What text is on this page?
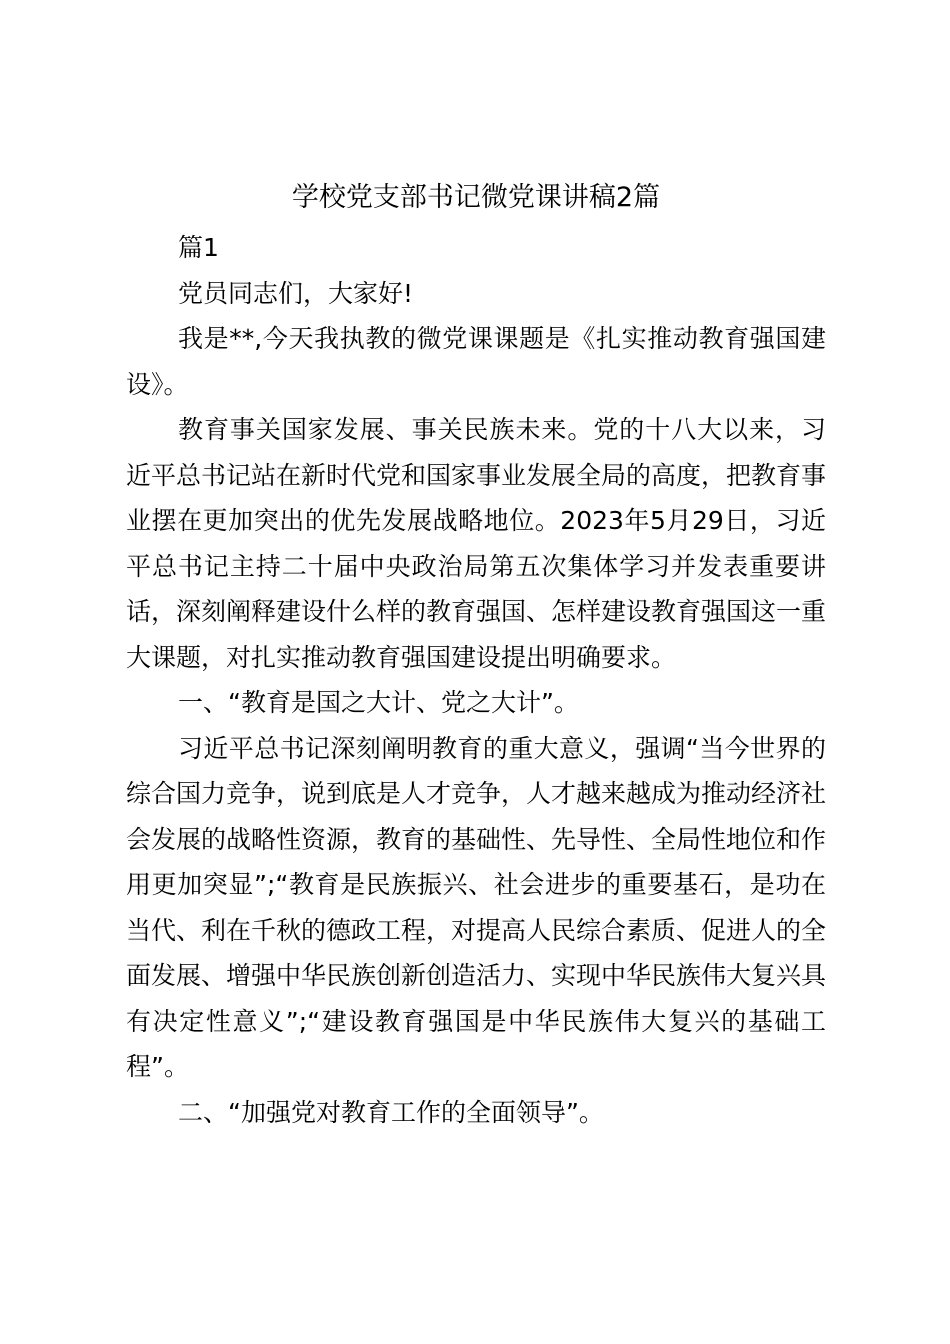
学校党支部书记微党课讲稿2篇

篇1

党员同志们，大家好!

我是**,今天我执教的微党课课题是《扎实推动教育强国建设》。

教育事关国家发展、事关民族未来。党的十八大以来，习近平总书记站在新时代党和国家事业发展全局的高度，把教育事业摆在更加突出的优先发展战略地位。2023年5月29日，习近平总书记主持二十届中央政治局第五次集体学习并发表重要讲话，深刻阐释建设什么样的教育强国、怎样建设教育强国这一重大课题，对扎实推动教育强国建设提出明确要求。

一、“教育是国之大计、党之大计”。

习近平总书记深刻阐明教育的重大意义，强调“当今世界的综合国力竞争，说到底是人才竞争，人才越来越成为推动经济社会发展的战略性资源，教育的基础性、先导性、全局性地位和作用更加突显”;“教育是民族振兴、社会进步的重要基石，是功在当代、利在千秋的德政工程，对提高人民综合素质、促进人的全面发展、增强中华民族创新创造活力、实现中华民族伟大复兴具有决定性意义”;“建设教育强国是中华民族伟大复兴的基础工程”。

二、“加强党对教育工作的全面领导”。
